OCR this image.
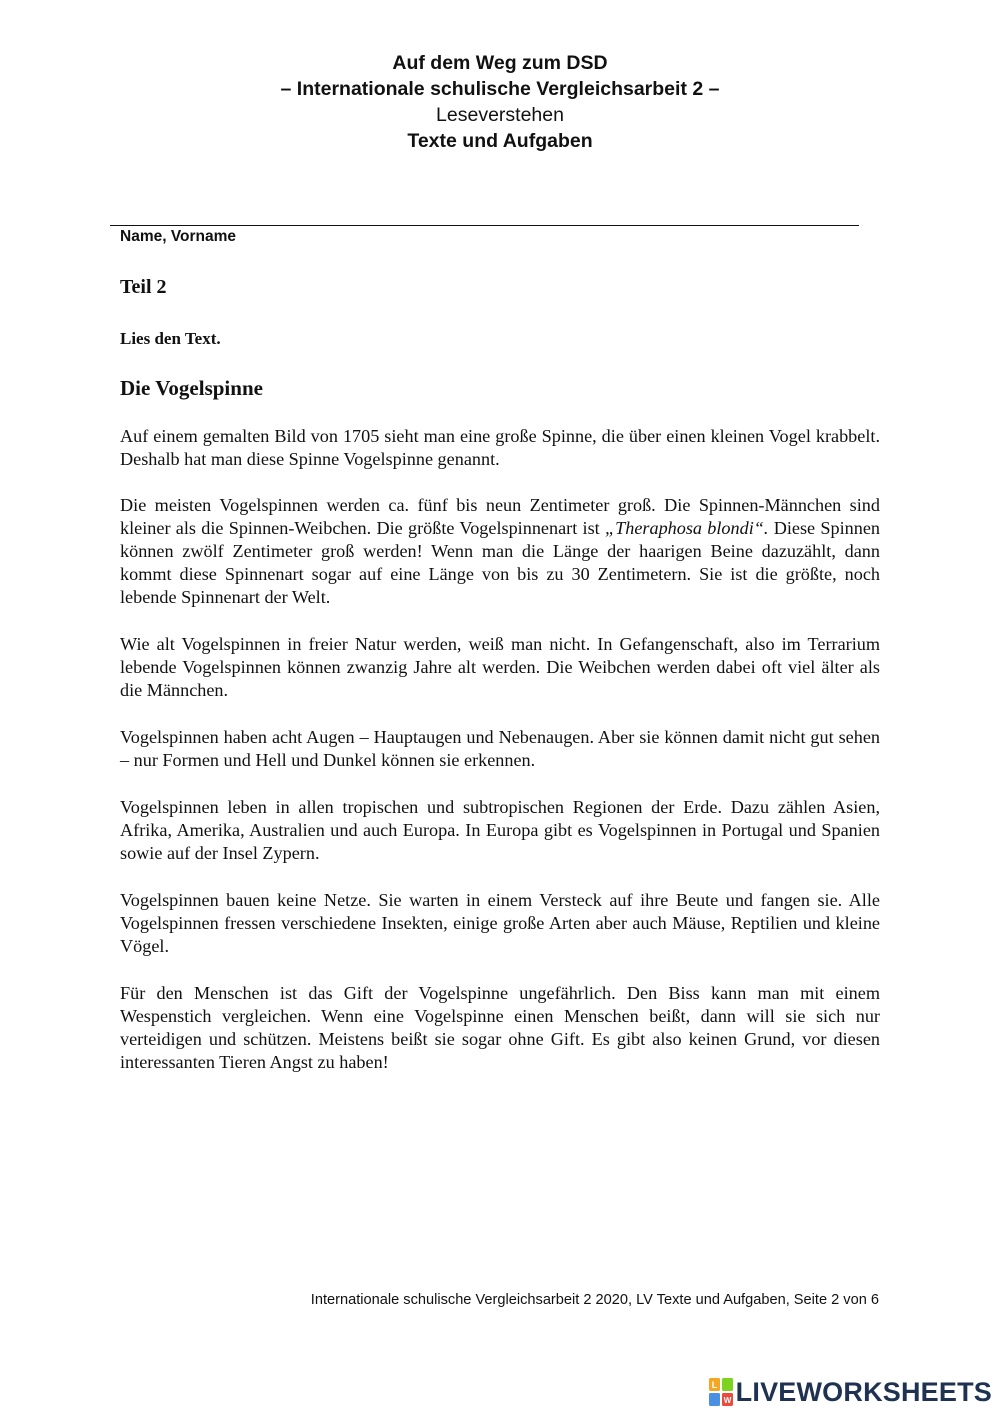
Auf dem Weg zum DSD
– Internationale schulische Vergleichsarbeit 2 –
Leseverstehen
Texte und Aufgaben
Name, Vorname
Teil 2
Lies den Text.
Die Vogelspinne

Auf einem gemalten Bild von 1705 sieht man eine große Spinne, die über einen kleinen Vogel krabbelt. Deshalb hat man diese Spinne Vogelspinne genannt.

Die meisten Vogelspinnen werden ca. fünf bis neun Zentimeter groß. Die Spinnen-Männchen sind kleiner als die Spinnen-Weibchen. Die größte Vogelspinnenart ist „Theraphosa blondi“. Diese Spinnen können zwölf Zentimeter groß werden! Wenn man die Länge der haarigen Beine dazuzählt, dann kommt diese Spinnenart sogar auf eine Länge von bis zu 30 Zentimetern. Sie ist die größte, noch lebende Spinnenart der Welt.

Wie alt Vogelspinnen in freier Natur werden, weiß man nicht. In Gefangenschaft, also im Terrarium lebende Vogelspinnen können zwanzig Jahre alt werden. Die Weibchen werden dabei oft viel älter als die Männchen.

Vogelspinnen haben acht Augen – Hauptaugen und Nebenaugen. Aber sie können damit nicht gut sehen – nur Formen und Hell und Dunkel können sie erkennen.

Vogelspinnen leben in allen tropischen und subtropischen Regionen der Erde. Dazu zählen Asien, Afrika, Amerika, Australien und auch Europa. In Europa gibt es Vogelspinnen in Portugal und Spanien sowie auf der Insel Zypern.

Vogelspinnen bauen keine Netze. Sie warten in einem Versteck auf ihre Beute und fangen sie. Alle Vogelspinnen fressen verschiedene Insekten, einige große Arten aber auch Mäuse, Reptilien und kleine Vögel.

Für den Menschen ist das Gift der Vogelspinne ungefährlich. Den Biss kann man mit einem Wespenstich vergleichen. Wenn eine Vogelspinne einen Menschen beißt, dann will sie sich nur verteidigen und schützen. Meistens beißt sie sogar ohne Gift. Es gibt also keinen Grund, vor diesen interessanten Tieren Angst zu haben!

Internationale schulische Vergleichsarbeit 2 2020, LV Texte und Aufgaben, Seite 2 von 6
L
W LIVEWORKSHEETS
